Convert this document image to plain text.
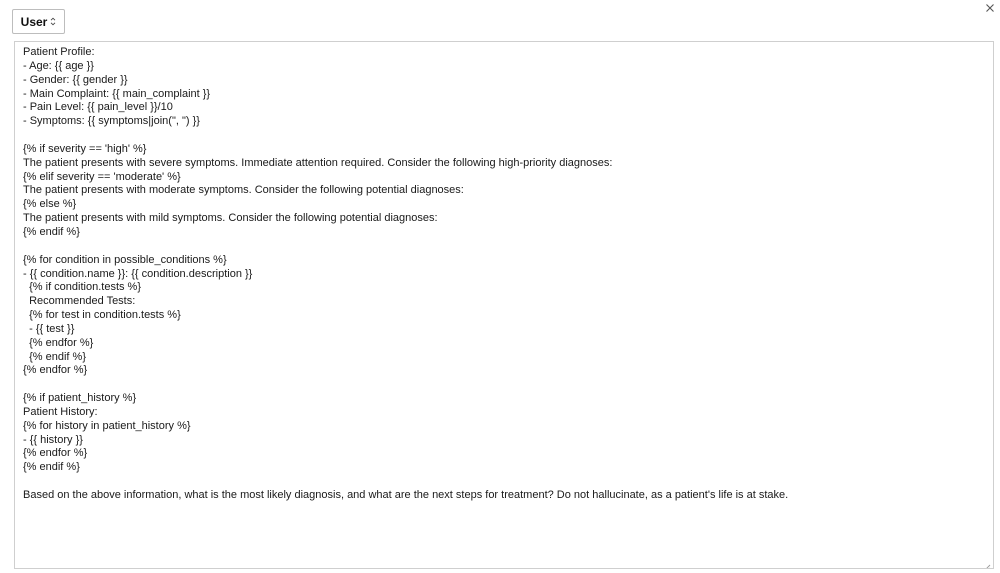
User
Patient Profile:
- Age: {{ age }}
- Gender: {{ gender }}
- Main Complaint: {{ main_complaint }}
- Pain Level: {{ pain_level }}/10
- Symptoms: {{ symptoms|join(", ") }}

{% if severity == 'high' %}
The patient presents with severe symptoms. Immediate attention required. Consider the following high-priority diagnoses:
{% elif severity == 'moderate' %}
The patient presents with moderate symptoms. Consider the following potential diagnoses:
{% else %}
The patient presents with mild symptoms. Consider the following potential diagnoses:
{% endif %}

{% for condition in possible_conditions %}
- {{ condition.name }}: {{ condition.description }}
{% if condition.tests %}
Recommended Tests:
{% for test in condition.tests %}
- {{ test }}
{% endfor %}
{% endif %}
{% endfor %}

{% if patient_history %}
Patient History:
{% for history in patient_history %}
- {{ history }}
{% endfor %}
{% endif %}

Based on the above information, what is the most likely diagnosis, and what are the next steps for treatment? Do not hallucinate, as a patient's life is at stake.
